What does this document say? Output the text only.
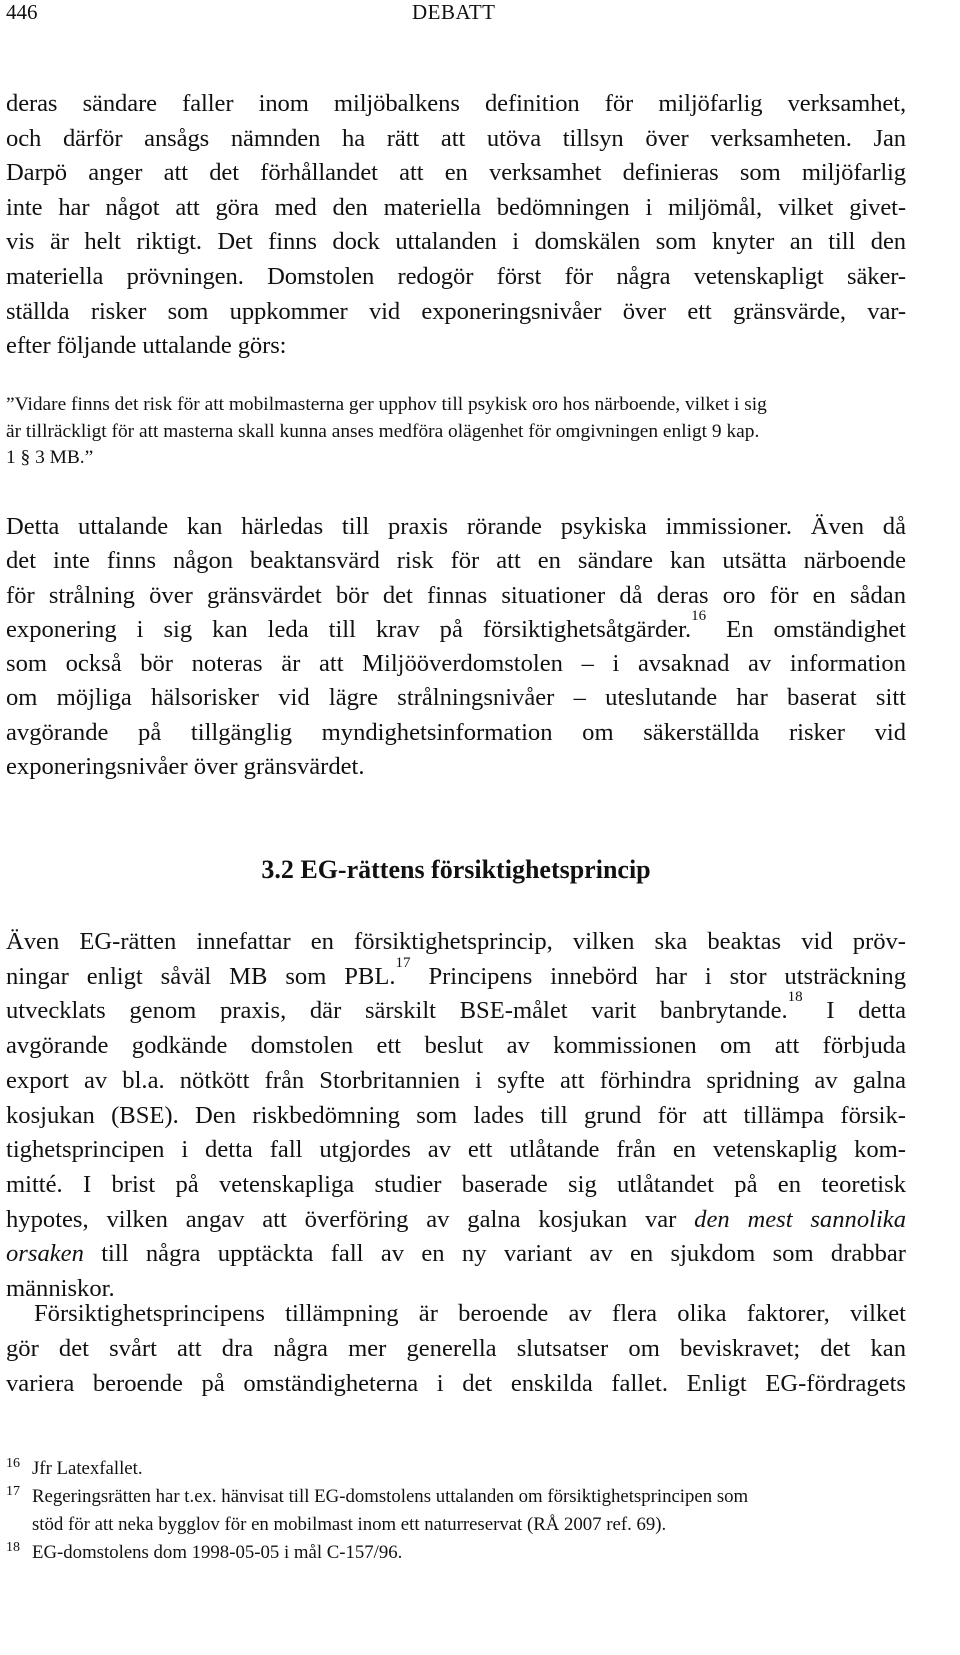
446	DEBATT
deras sändare faller inom miljöbalkens definition för miljöfarlig verksamhet,
och därför ansågs nämnden ha rätt att utöva tillsyn över verksamheten. Jan
Darpö anger att det förhållandet att en verksamhet definieras som miljöfarlig
inte har något att göra med den materiella bedömningen i miljömål, vilket givet-
vis är helt riktigt. Det finns dock uttalanden i domskälen som knyter an till den
materiella prövningen. Domstolen redogör först för några vetenskapligt säker-
ställda risker som uppkommer vid exponeringsnivåer över ett gränsvärde, var-
efter följande uttalande görs:
”Vidare finns det risk för att mobilmasterna ger upphov till psykisk oro hos närboende, vilket i sig
är tillräckligt för att masterna skall kunna anses medföra olägenhet för omgivningen enligt 9 kap.
1 § 3 MB.”
Detta uttalande kan härledas till praxis rörande psykiska immissioner. Även då
det inte finns någon beaktansvärd risk för att en sändare kan utsätta närboende
för strålning över gränsvärdet bör det finnas situationer då deras oro för en sådan
exponering i sig kan leda till krav på försiktighetsåtgärder.$^{16}$ En omständighet
som också bör noteras är att Miljööverdomstolen – i avsaknad av information
om möjliga hälsorisker vid lägre strålningsnivåer – uteslutande har baserat sitt
avgörande på tillgänglig myndighetsinformation om säkerställda risker vid
exponeringsnivåer över gränsvärdet.
3.2 EG-rättens försiktighetsprincip
Även EG-rätten innefattar en försiktighetsprincip, vilken ska beaktas vid pröv-
ningar enligt såväl MB som PBL.$^{17}$ Principens innebörd har i stor utsträckning
utvecklats genom praxis, där särskilt BSE-målet varit banbrytande.$^{18}$ I detta
avgörande godkände domstolen ett beslut av kommissionen om att förbjuda
export av bl.a. nötkött från Storbritannien i syfte att förhindra spridning av galna
kosjukan (BSE). Den riskbedömning som lades till grund för att tillämpa försik-
tighetsprincipen i detta fall utgjordes av ett utlåtande från en vetenskaplig kom-
mitté. I brist på vetenskapliga studier baserade sig utlåtandet på en teoretisk
hypotes, vilken angav att överföring av galna kosjukan var den mest sannolika
orsaken till några upptäckta fall av en ny variant av en sjukdom som drabbar
människor.
Försiktighetsprincipens tillämpning är beroende av flera olika faktorer, vilket
gör det svårt att dra några mer generella slutsatser om beviskravet; det kan
variera beroende på omständigheterna i det enskilda fallet. Enligt EG-fördragets
16 Jfr Latexfallet.
17 Regeringsrätten har t.ex. hänvisat till EG-domstolens uttalanden om försiktighetsprincipen som
stöd för att neka bygglov för en mobilmast inom ett naturreservat (RÅ 2007 ref. 69).
18 EG-domstolens dom 1998-05-05 i mål C-157/96.
